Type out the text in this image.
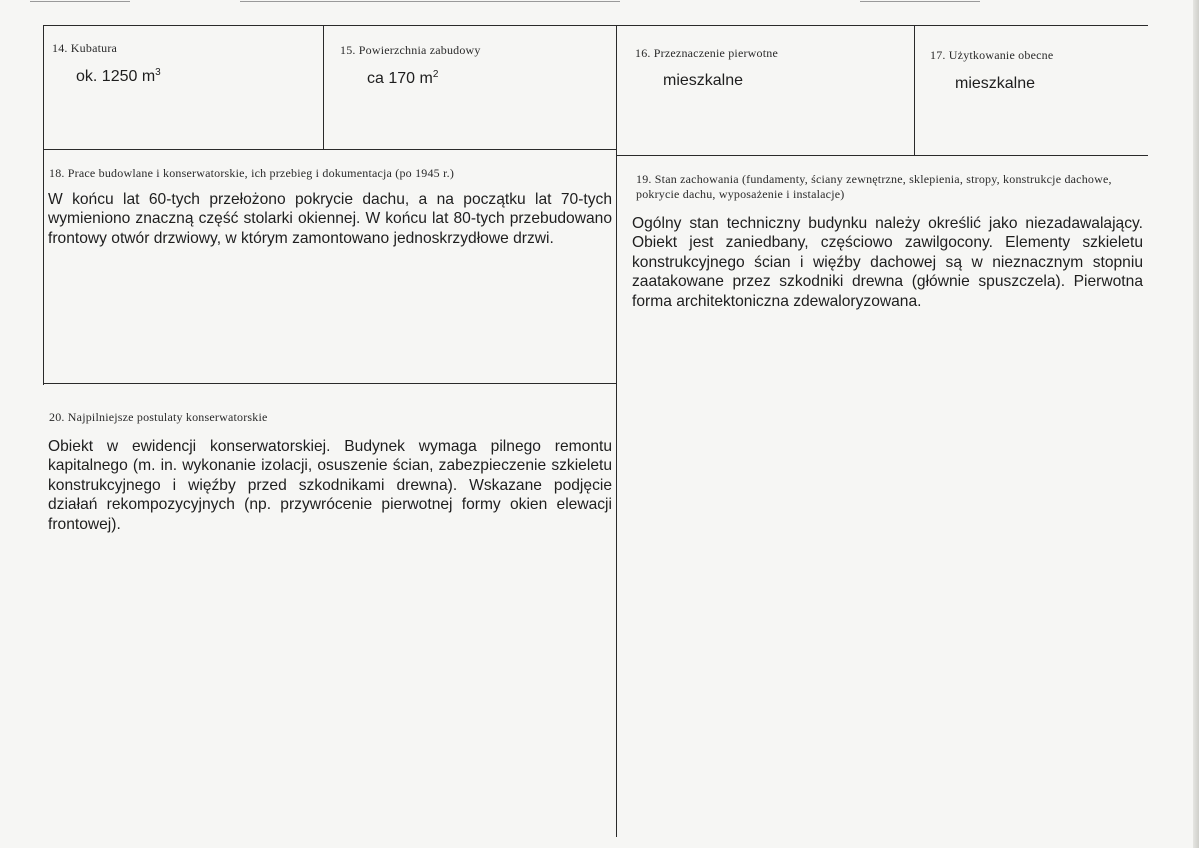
14. Kubatura
ok. 1250 $m^3$
15. Powierzchnia zabudowy
ca 170 $m^2$
16. Przeznaczenie pierwotne
mieszkalne
17. Użytkowanie obecne
mieszkalne
18. Prace budowlane i konserwatorskie, ich przebieg i dokumentacja (po 1945 r.)
W końcu lat 60-tych przełożono pokrycie dachu, a na początku lat 70-tych wymieniono znaczną część stolarki okiennej. W końcu lat 80-tych przebudowano frontowy otwór drzwiowy, w którym zamontowano jednoskrzydłowe drzwi.
19. Stan zachowania (fundamenty, ściany zewnętrzne, sklepienia, stropy, konstrukcje dachowe, pokrycie dachu, wyposażenie i instalacje)
Ogólny stan techniczny budynku należy określić jako niezadawalający. Obiekt jest zaniedbany, częściowo zawilgocony. Elementy szkieletu konstrukcyjnego ścian i więźby dachowej są w nieznacznym stopniu zaatakowane przez szkodniki drewna (głównie spuszczela). Pierwotna forma architektoniczna zdewaloryzowana.
20. Najpilniejsze postulaty konserwatorskie
Obiekt w ewidencji konserwatorskiej. Budynek wymaga pilnego remontu kapitalnego (m. in. wykonanie izolacji, osuszenie ścian, zabezpieczenie szkieletu konstrukcyjnego i więźby przed szkodnikami drewna). Wskazane podjęcie działań rekompozycyjnych (np. przywrócenie pierwotnej formy okien elewacji frontowej).
